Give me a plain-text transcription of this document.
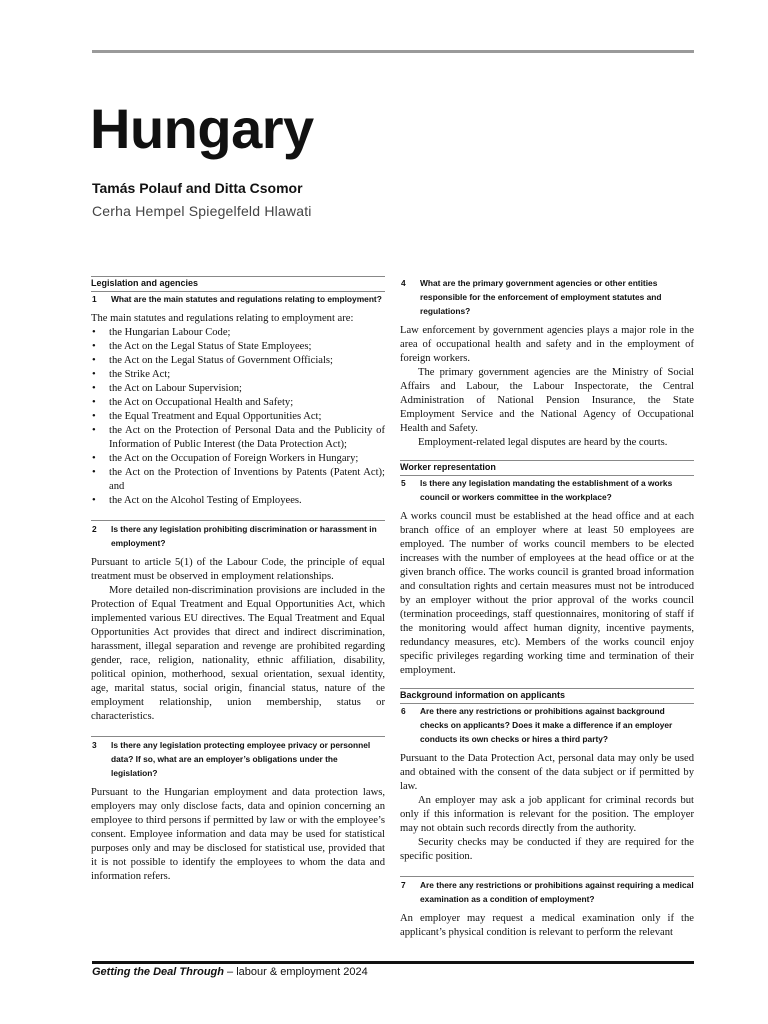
Hungary
Tamás Polauf and Ditta Csomor
Cerha Hempel Spiegelfeld Hlawati
Legislation and agencies
1	What are the main statutes and regulations relating to employment?

The main statutes and regulations relating to employment are:

• the Hungarian Labour Code;
• the Act on the Legal Status of State Employees;
• the Act on the Legal Status of Government Officials;
• the Strike Act;
• the Act on Labour Supervision;
• the Act on Occupational Health and Safety;
• the Equal Treatment and Equal Opportunities Act;
• the Act on the Protection of Personal Data and the Publicity of Information of Public Interest (the Data Protection Act);
• the Act on the Occupation of Foreign Workers in Hungary;
• the Act on the Protection of Inventions by Patents (Patent Act); and
• the Act on the Alcohol Testing of Employees.
2	Is there any legislation prohibiting discrimination or harassment in employment?

Pursuant to article 5(1) of the Labour Code, the principle of equal treatment must be observed in employment relationships.

More detailed non-discrimination provisions are included in the Protection of Equal Treatment and Equal Opportunities Act, which implemented various EU directives. The Equal Treatment and Equal Opportunities Act provides that direct and indirect discrimination, harassment, illegal separation and revenge are prohibited regarding gender, race, religion, nationality, ethnic affiliation, disability, political opinion, motherhood, sexual orientation, sexual identity, age, marital status, social origin, financial status, nature of the employment relationship, union membership, status or characteristics.

3	Is there any legislation protecting employee privacy or personnel data? If so, what are an employer’s obligations under the legislation?

Pursuant to the Hungarian employment and data protection laws, employers may only disclose facts, data and opinion concerning an employee to third persons if permitted by law or with the employee’s consent. Employee information and data may be used for statistical purposes only and may be disclosed for statistical use, provided that it is not possible to identify the employees to whom the data and information refers.

4	What are the primary government agencies or other entities responsible for the enforcement of employment statutes and regulations?

Law enforcement by government agencies plays a major role in the area of occupational health and safety and in the employment of foreign workers.

The primary government agencies are the Ministry of Social Affairs and Labour, the Labour Inspectorate, the Central Administration of National Pension Insurance, the State Employment Service and the National Agency of Occupational Health and Safety.

Employment-related legal disputes are heard by the courts.

Worker representation
5	Is there any legislation mandating the establishment of a works council or workers committee in the workplace?

A works council must be established at the head office and at each branch office of an employer where at least 50 employees are employed. The number of works council members to be elected increases with the number of employees at the head office or at the given branch office. The works council is granted broad information and consultation rights and certain measures must not be introduced by an employer without the prior approval of the works council (termination proceedings, staff questionnaires, monitoring of staff if the monitoring would affect human dignity, incentive payments, redundancy measures, etc). Members of the works council enjoy specific privileges regarding working time and termination of their employment.

Background information on applicants
6	Are there any restrictions or prohibitions against background checks on applicants? Does it make a difference if an employer conducts its own checks or hires a third party?

Pursuant to the Data Protection Act, personal data may only be used and obtained with the consent of the data subject or if permitted by law.

An employer may ask a job applicant for criminal records but only if this information is relevant for the position. The employer may not obtain such records directly from the authority.

Security checks may be conducted if they are required for the specific position.

7	Are there any restrictions or prohibitions against requiring a medical examination as a condition of employment?

An employer may request a medical examination only if the applicant’s physical condition is relevant to perform the relevant

Getting the Deal Through – labour & employment 2024
